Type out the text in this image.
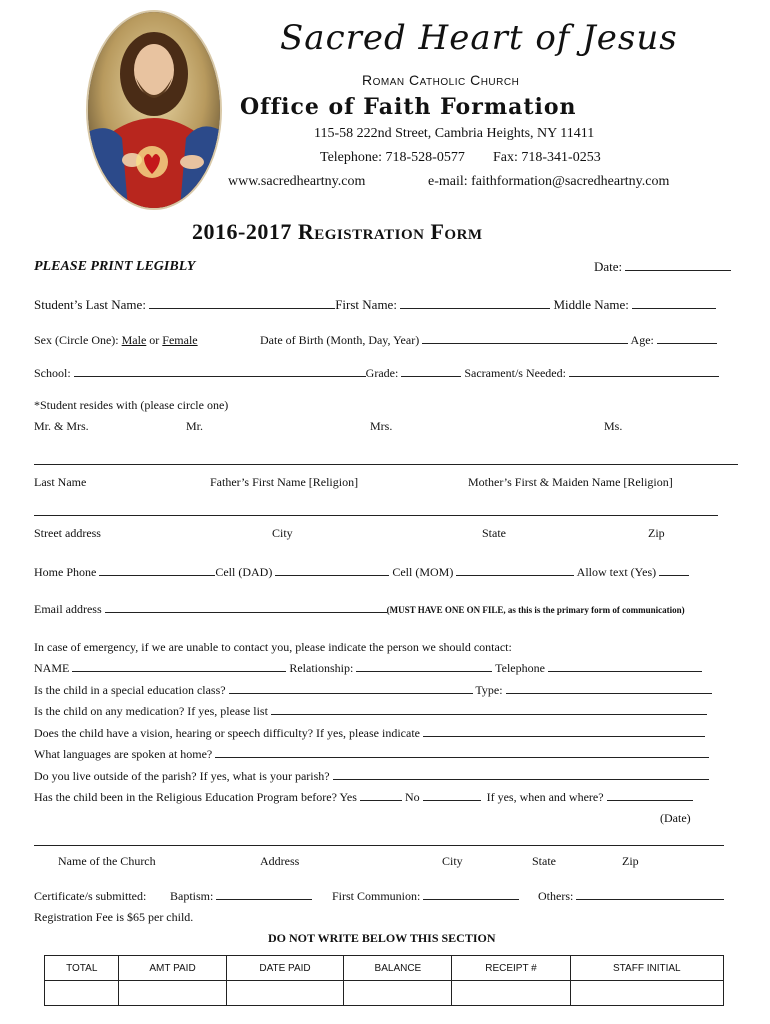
Sacred Heart of Jesus
Roman Catholic Church
Office of Faith Formation
115-58 222nd Street, Cambria Heights, NY 11411
Telephone: 718-528-0577 Fax: 718-341-0253
www.sacredheartny.com	e-mail: faithformation@sacredheartny.com
2016-2017 Registration Form
PLEASE PRINT LEGIBLY	Date:
Student’s Last Name:	First Name:	Middle Name:
Sex (Circle One): Male or Female	Date of Birth (Month, Day, Year)	Age:
School:	Grade:	Sacrament/s Needed:
*Student resides with (please circle one)
Mr. & Mrs.	Mr.	Mrs.	Ms.
Last Name	Father’s First Name [Religion]	Mother’s First & Maiden Name [Religion]
Street address	City	State	Zip
Home Phone	Cell (DAD)	Cell (MOM)	Allow text (Yes)
Email address	(MUST HAVE ONE ON FILE, as this is the primary form of communication)
In case of emergency, if we are unable to contact you, please indicate the person we should contact:
NAME	Relationship:	Telephone
Is the child in a special education class?	Type:
Is the child on any medication? If yes, please list
Does the child have a vision, hearing or speech difficulty? If yes, please indicate
What languages are spoken at home?
Do you live outside of the parish? If yes, what is your parish?
Has the child been in the Religious Education Program before? Yes	No	If yes, when and where?
(Date)
Name of the Church	Address	City	State	Zip
Certificate/s submitted: Baptism:	First Communion:	Others:
Registration Fee is $65 per child.
DO NOT WRITE BELOW THIS SECTION
TOTAL	AMT PAID	DATE PAID	BALANCE	RECEIPT #	STAFF INITIAL
